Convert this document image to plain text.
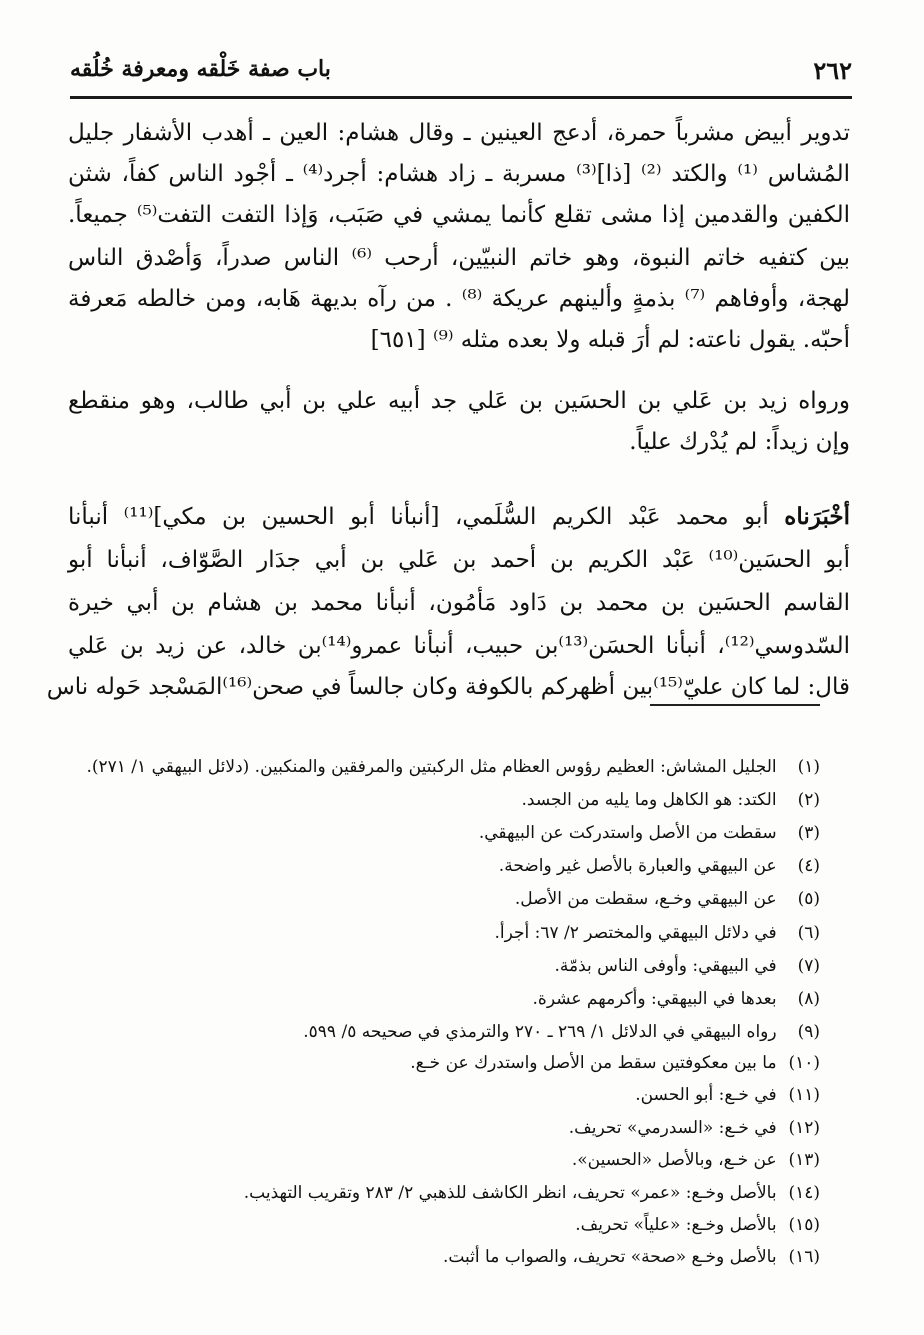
٢٦٢
باب صفة خَلْقه ومعرفة خُلُقه
تدوير أبيض مشرباً حمرة، أدعج العينين ـ وقال هشام: العين ـ أهدب الأشفار جليل
المُشاس ⁽¹⁾ والكتد ⁽²⁾ [ذا]⁽³⁾ مسربة ـ زاد هشام: أجرد⁽⁴⁾ ـ أجْود الناس كفاً، شثن
الكفين والقدمين إذا مشى تقلع كأنما يمشي في صَبَب، وَإذا التفت التفت⁽⁵⁾ جميعاً.
بين كتفيه خاتم النبوة، وهو خاتم النبيّين، أرحب ⁽⁶⁾ الناس صدراً، وَأصْدق الناس
لهجة، وأوفاهم ⁽⁷⁾ بذمةٍ وألينهم عريكة ⁽⁸⁾ . من رآه بديهة هَابه، ومن خالطه مَعرفة
أحبّه. يقول ناعته: لم أرَ قبله ولا بعده مثله ⁽⁹⁾ [٦٥١]
ورواه زيد بن عَلي بن الحسَين بن عَلي جد أبيه علي بن أبي طالب، وهو منقطع
وإن زيداً: لم يُدْرك علياً.
أخْبَرَناه أبو محمد عَبْد الكريم السُّلَمي، [أنبأنا أبو الحسين بن مكي]⁽¹¹⁾ أنبأنا
أبو الحسَين⁽¹⁰⁾ عَبْد الكريم بن أحمد بن عَلي بن أبي جدَار الصَّوّاف، أنبأنا أبو
القاسم الحسَين بن محمد بن دَاود مَأمُون، أنبأنا محمد بن هشام بن أبي خيرة
السّدوسي⁽¹²⁾، أنبأنا الحسَن⁽¹³⁾بن حبيب، أنبأنا عمرو⁽¹⁴⁾بن خالد، عن زيد بن عَلي
قال: لما كان عليّ⁽¹⁵⁾بين أظهركم بالكوفة وكان جالساً في صحن⁽¹⁶⁾المَسْجد حَوله ناس
(١) الجليل المشاش: العظيم رؤوس العظام مثل الركبتين والمرفقين والمنكبين. (دلائل البيهقي ١/ ٢٧١).
(٢) الكتد: هو الكاهل وما يليه من الجسد.
(٣) سقطت من الأصل واستدركت عن البيهقي.
(٤) عن البيهقي والعبارة بالأصل غير واضحة.
(٥) عن البيهقي وخـع، سقطت من الأصل.
(٦) في دلائل البيهقي والمختصر ٢/ ٦٧: أجرأ.
(٧) في البيهقي: وأوفى الناس بذمّة.
(٨) بعدها في البيهقي: وأكرمهم عشرة.
(٩) رواه البيهقي في الدلائل ١/ ٢٦٩ ـ ٢٧٠ والترمذي في صحيحه ٥/ ٥٩٩.
(١٠) ما بين معكوفتين سقط من الأصل واستدرك عن خـع.
(١١) في خـع: أبو الحسن.
(١٢) في خـع: «السدرمي» تحريف.
(١٣) عن خـع، وبالأصل «الحسين».
(١٤) بالأصل وخـع: «عمر» تحريف، انظر الكاشف للذهبي ٢/ ٢٨٣ وتقريب التهذيب.
(١٥) بالأصل وخـع: «علياً» تحريف.
(١٦) بالأصل وخـع «صحة» تحريف، والصواب ما أثبت.
